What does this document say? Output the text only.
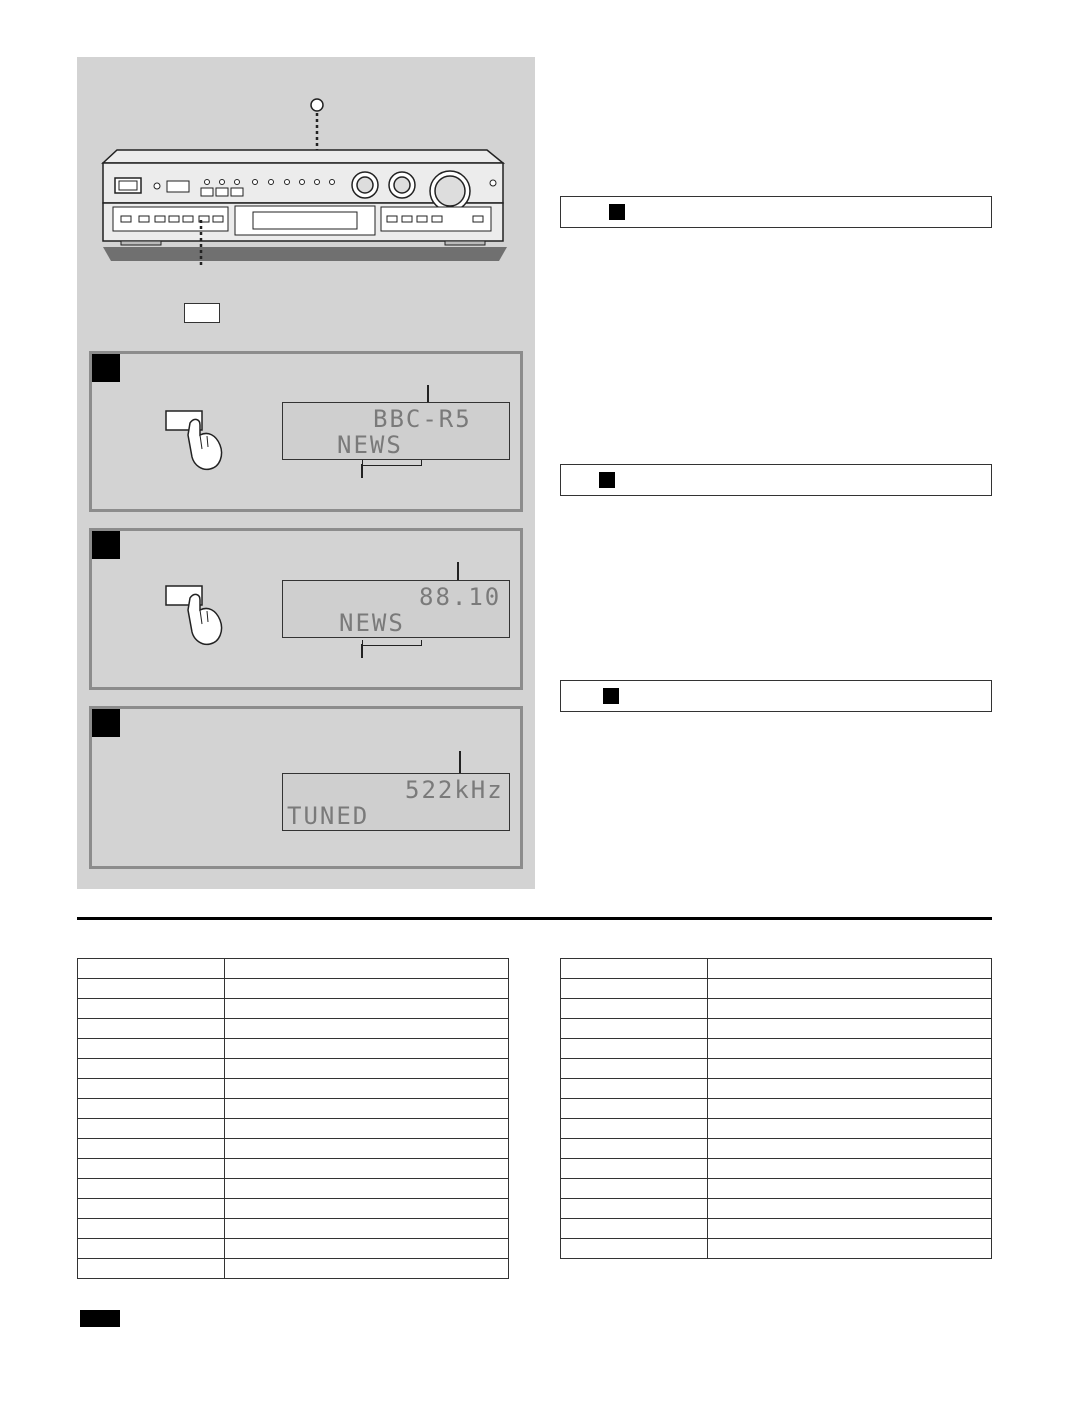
BBC-R5
NEWS
88.10
NEWS
522kHz
TUNED
